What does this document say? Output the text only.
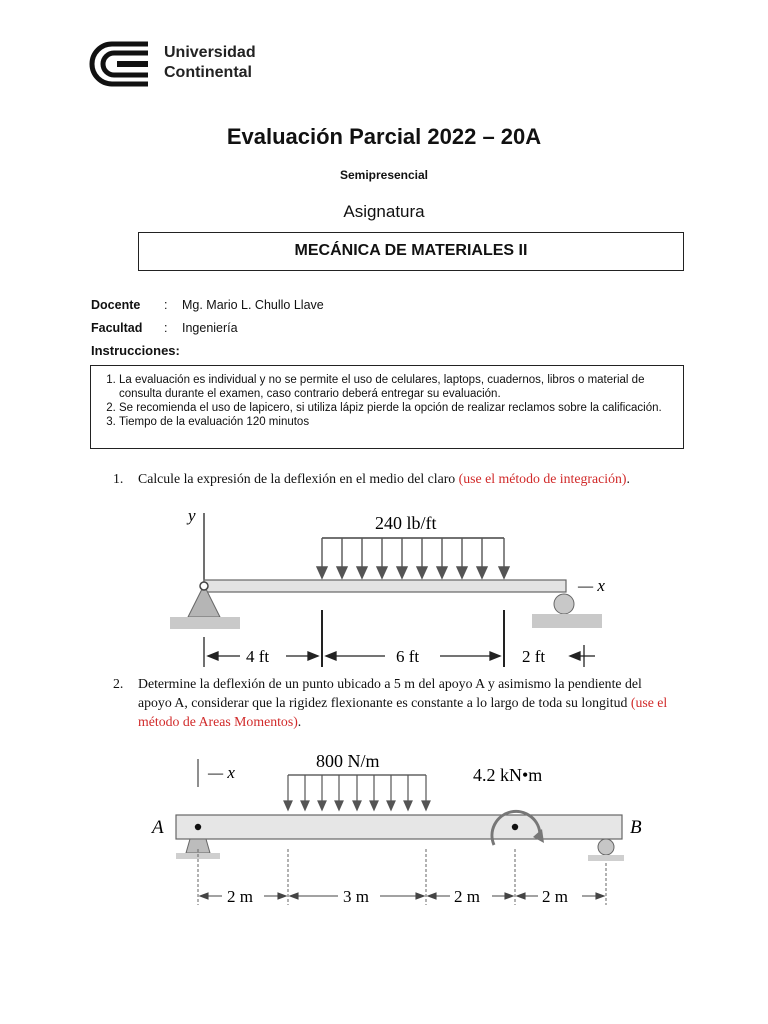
Universidad
Continental
Evaluación Parcial 2022 – 20A
Semipresencial
Asignatura
MECÁNICA DE MATERIALES II
Docente : Mg. Mario L. Chullo Llave
Facultad : Ingeniería
Instrucciones:
1. La evaluación es individual y no se permite el uso de celulares, laptops, cuadernos, libros o material de consulta durante el examen, caso contrario deberá entregar su evaluación.
2. Se recomienda el uso de lapicero, si utiliza lápiz pierde la opción de realizar reclamos sobre la calificación.
3. Tiempo de la evaluación 120 minutos
1. Calcule la expresión de la deflexión en el medio del claro (use el método de integración).
y	240 lb/ft
— x
4 ft	6 ft	2 ft
2. Determine la deflexión de un punto ubicado a 5 m del apoyo A y asimismo la pendiente del apoyo A, considerar que la rigidez flexionante es constante a lo largo de toda su longitud (use el método de Areas Momentos).
— x
800 N/m
4.2 kN•m
A	B
2 m	3 m	2 m	2 m
